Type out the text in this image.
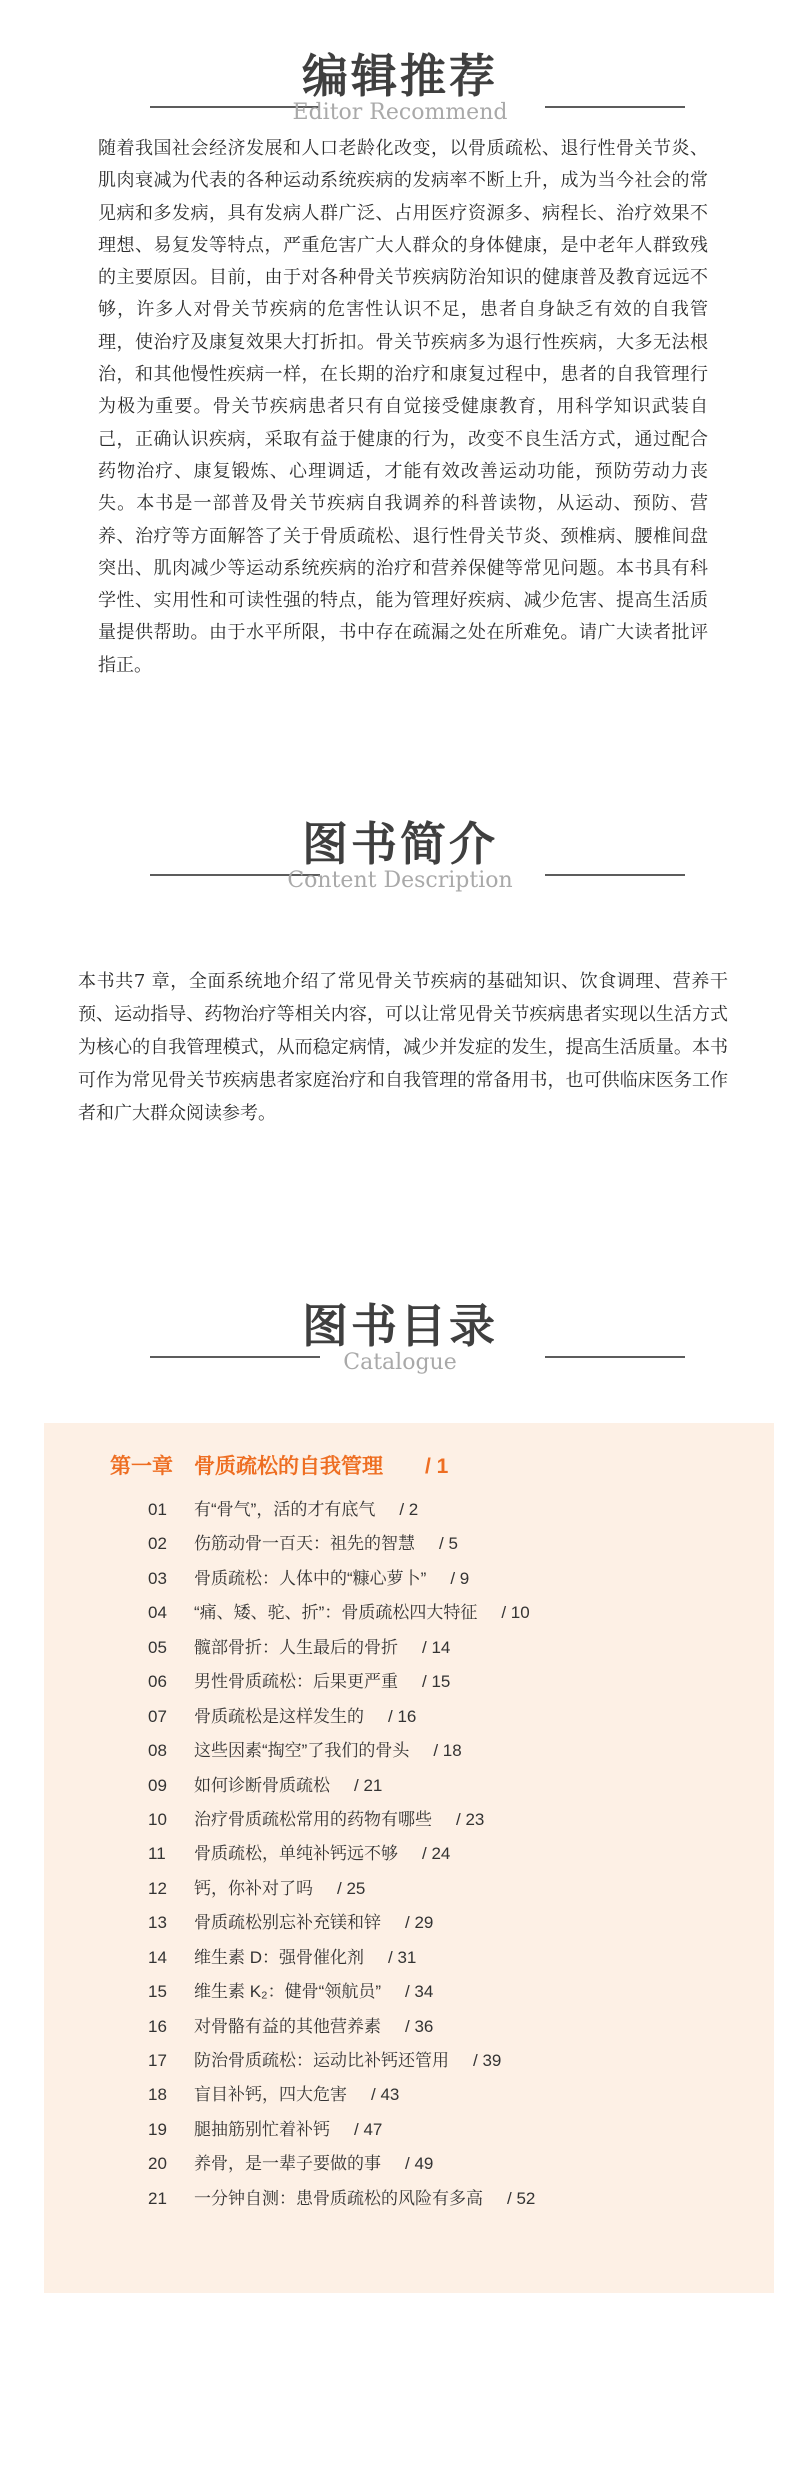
编辑推荐
Editor Recommend
随着我国社会经济发展和人口老龄化改变，以骨质疏松、退行性骨关节炎、肌肉衰减为代表的各种运动系统疾病的发病率不断上升，成为当今社会的常见病和多发病，具有发病人群广泛、占用医疗资源多、病程长、治疗效果不理想、易复发等特点，严重危害广大人群众的身体健康，是中老年人群致残的主要原因。目前，由于对各种骨关节疾病防治知识的健康普及教育远远不够，许多人对骨关节疾病的危害性认识不足，患者自身缺乏有效的自我管理，使治疗及康复效果大打折扣。骨关节疾病多为退行性疾病，大多无法根治，和其他慢性疾病一样，在长期的治疗和康复过程中，患者的自我管理行为极为重要。骨关节疾病患者只有自觉接受健康教育，用科学知识武装自己，正确认识疾病，采取有益于健康的行为，改变不良生活方式，通过配合药物治疗、康复锻炼、心理调适，才能有效改善运动功能，预防劳动力丧失。本书是一部普及骨关节疾病自我调养的科普读物，从运动、预防、营养、治疗等方面解答了关于骨质疏松、退行性骨关节炎、颈椎病、腰椎间盘突出、肌肉减少等运动系统疾病的治疗和营养保健等常见问题。本书具有科学性、实用性和可读性强的特点，能为管理好疾病、减少危害、提高生活质量提供帮助。由于水平所限，书中存在疏漏之处在所难免。请广大读者批评指正。
图书简介
Content Description
本书共7 章，全面系统地介绍了常见骨关节疾病的基础知识、饮食调理、营养干预、运动指导、药物治疗等相关内容，可以让常见骨关节疾病患者实现以生活方式为核心的自我管理模式，从而稳定病情，减少并发症的发生，提高生活质量。本书可作为常见骨关节疾病患者家庭治疗和自我管理的常备用书，也可供临床医务工作者和广大群众阅读参考。
图书目录
Catalogue
第一章　骨质疏松的自我管理　　/ 1
01 有“骨气”，活的才有底气 / 2
02 伤筋动骨一百天：祖先的智慧 / 5
03 骨质疏松：人体中的“糠心萝卜” / 9
04 “痛、矮、驼、折”：骨质疏松四大特征 / 10
05 髋部骨折：人生最后的骨折 / 14
06 男性骨质疏松：后果更严重 / 15
07 骨质疏松是这样发生的 / 16
08 这些因素“掏空”了我们的骨头 / 18
09 如何诊断骨质疏松 / 21
10 治疗骨质疏松常用的药物有哪些 / 23
11 骨质疏松，单纯补钙远不够 / 24
12 钙，你补对了吗 / 25
13 骨质疏松别忘补充镁和锌 / 29
14 维生素 D：强骨催化剂 / 31
15 维生素 K₂：健骨“领航员” / 34
16 对骨骼有益的其他营养素 / 36
17 防治骨质疏松：运动比补钙还管用 / 39
18 盲目补钙，四大危害 / 43
19 腿抽筋别忙着补钙 / 47
20 养骨，是一辈子要做的事 / 49
21 一分钟自测：患骨质疏松的风险有多高 / 52
